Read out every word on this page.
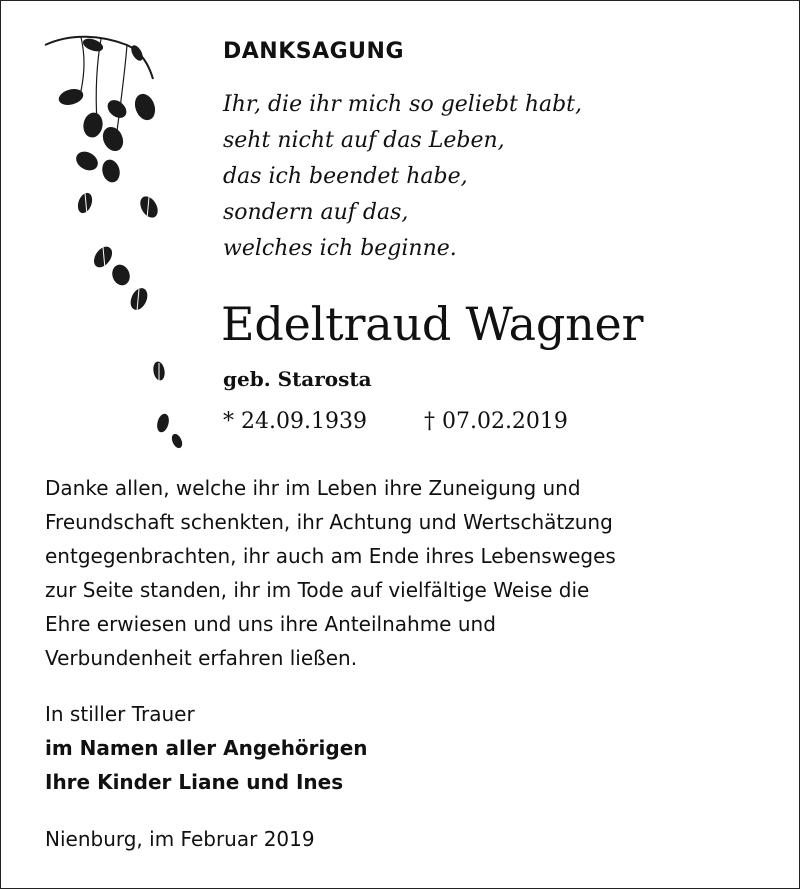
DANKSAGUNG
Ihr, die ihr mich so geliebt habt,
seht nicht auf das Leben,
das ich beendet habe,
sondern auf das,
welches ich beginne.
Edeltraud Wagner
geb. Starosta
* 24.09.1939	† 07.02.2019
Danke allen, welche ihr im Leben ihre Zuneigung und
Freundschaft schenkten, ihr Achtung und Wertschätzung
entgegenbrachten, ihr auch am Ende ihres Lebensweges
zur Seite standen, ihr im Tode auf vielfältige Weise die
Ehre erwiesen und uns ihre Anteilnahme und
Verbundenheit erfahren ließen.
In stiller Trauer
im Namen aller Angehörigen
Ihre Kinder Liane und Ines
Nienburg, im Februar 2019
